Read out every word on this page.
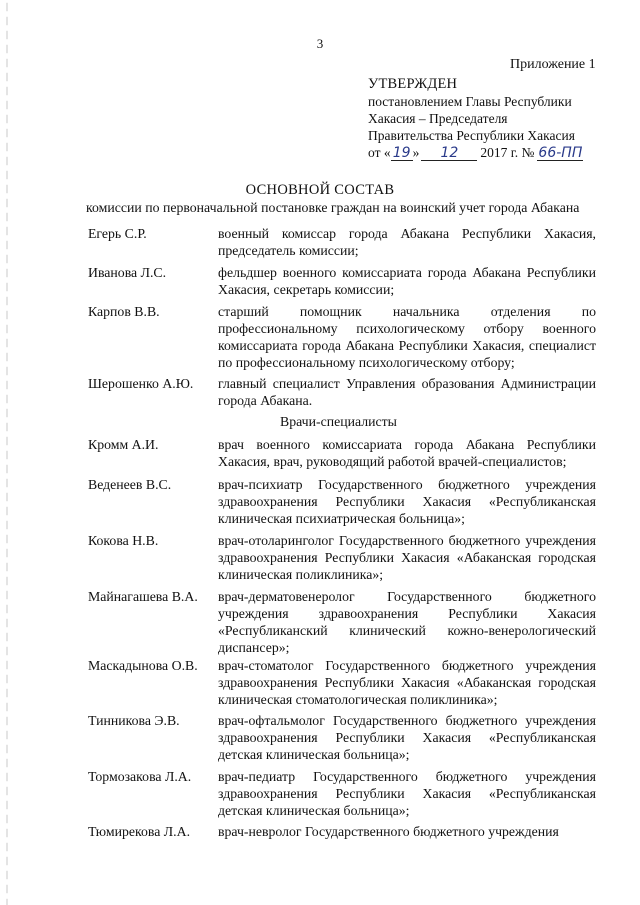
3
Приложение 1
УТВЕРЖДЕН
постановлением Главы Республики
Хакасия – Председателя
Правительства Республики Хакасия
от « 19 » 12 2017 г. № 66-ПП
ОСНОВНОЙ СОСТАВ
комиссии по первоначальной постановке граждан на воинский учет города Абакана
Егерь С.Р.	военный комиссар города Абакана Республики Хакасия, председатель комиссии;
Иванова Л.С.	фельдшер военного комиссариата города Абакана Республики Хакасия, секретарь комиссии;
Карпов В.В.	старший помощник начальника отделения по профессиональному психологическому отбору военного комиссариата города Абакана Республики Хакасия, специалист по профессиональному психологическому отбору;
Шерошенко А.Ю.	главный специалист Управления образования Администрации города Абакана.
Врачи-специалисты
Кромм А.И.	врач военного комиссариата города Абакана Республики Хакасия, врач, руководящий работой врачей-специалистов;
Веденеев В.С.	врач-психиатр Государственного бюджетного учреждения здравоохранения Республики Хакасия «Республиканская клиническая психиатрическая больница»;
Кокова Н.В.	врач-отоларинголог Государственного бюджетного учреждения здравоохранения Республики Хакасия «Абаканская городская клиническая поликлиника»;
Майнагашева В.А.	врач-дерматовенеролог Государственного бюджетного учреждения здравоохранения Республики Хакасия «Республиканский клинический кожно-венерологический диспансер»;
Маскадынова О.В.	врач-стоматолог Государственного бюджетного учреждения здравоохранения Республики Хакасия «Абаканская городская клиническая стоматологическая поликлиника»;
Тинникова Э.В.	врач-офтальмолог Государственного бюджетного учреждения здравоохранения Республики Хакасия «Республиканская детская клиническая больница»;
Тормозакова Л.А.	врач-педиатр Государственного бюджетного учреждения здравоохранения Республики Хакасия «Республиканская детская клиническая больница»;
Тюмирекова Л.А.	врач-невролог Государственного бюджетного учреждения
